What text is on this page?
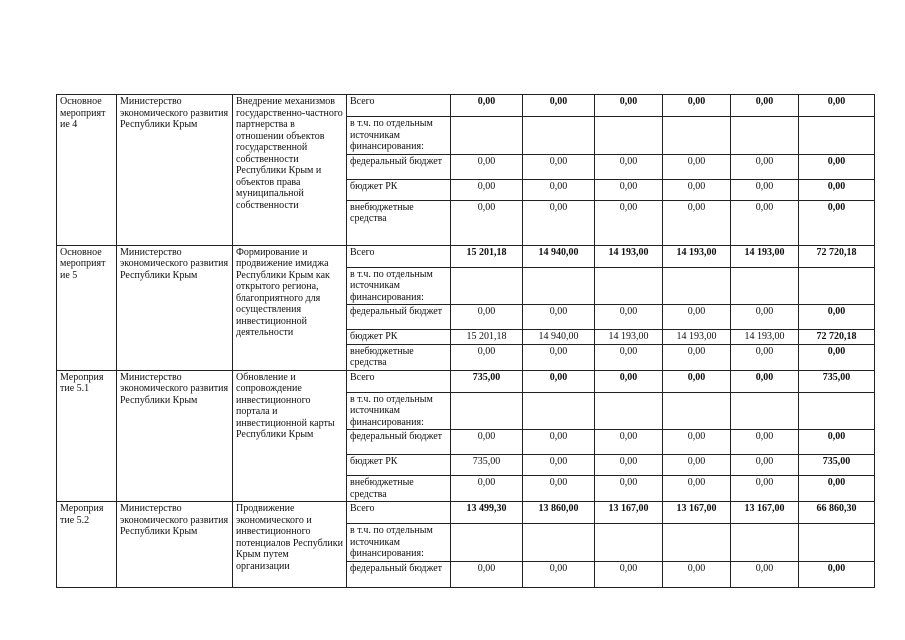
Основное мероприят ие 4	Министерство экономического развития Республики Крым	Внедрение механизмов государственно-частного партнерства в отношении объектов государственной собственности Республики Крым и объектов права муниципальной собственности	Всего	0,00	0,00	0,00	0,00	0,00	0,00
			в т.ч. по отдельным источникам финансирования:						
			федеральный бюджет	0,00	0,00	0,00	0,00	0,00	0,00
			бюджет РК	0,00	0,00	0,00	0,00	0,00	0,00
			внебюджетные средства	0,00	0,00	0,00	0,00	0,00	0,00
Основное мероприят ие 5	Министерство экономического развития Республики Крым	Формирование и продвижение имиджа Республики Крым как открытого региона, благоприятного для осуществления инвестиционной деятельности	Всего	15 201,18	14 940,00	14 193,00	14 193,00	14 193,00	72 720,18
			в т.ч. по отдельным источникам финансирования:						
			федеральный бюджет	0,00	0,00	0,00	0,00	0,00	0,00
			бюджет РК	15 201,18	14 940,00	14 193,00	14 193,00	14 193,00	72 720,18
			внебюджетные средства	0,00	0,00	0,00	0,00	0,00	0,00
Мероприя тие 5.1	Министерство экономического развития Республики Крым	Обновление и сопровождение инвестиционного портала и инвестиционной карты Республики Крым	Всего	735,00	0,00	0,00	0,00	0,00	735,00
			в т.ч. по отдельным источникам финансирования:						
			федеральный бюджет	0,00	0,00	0,00	0,00	0,00	0,00
			бюджет РК	735,00	0,00	0,00	0,00	0,00	735,00
			внебюджетные средства	0,00	0,00	0,00	0,00	0,00	0,00
Мероприя тие 5.2	Министерство экономического развития Республики Крым	Продвижение экономического и инвестиционного потенциалов Республики Крым путем организации	Всего	13 499,30	13 860,00	13 167,00	13 167,00	13 167,00	66 860,30
			в т.ч. по отдельным источникам финансирования:						
			федеральный бюджет	0,00	0,00	0,00	0,00	0,00	0,00
